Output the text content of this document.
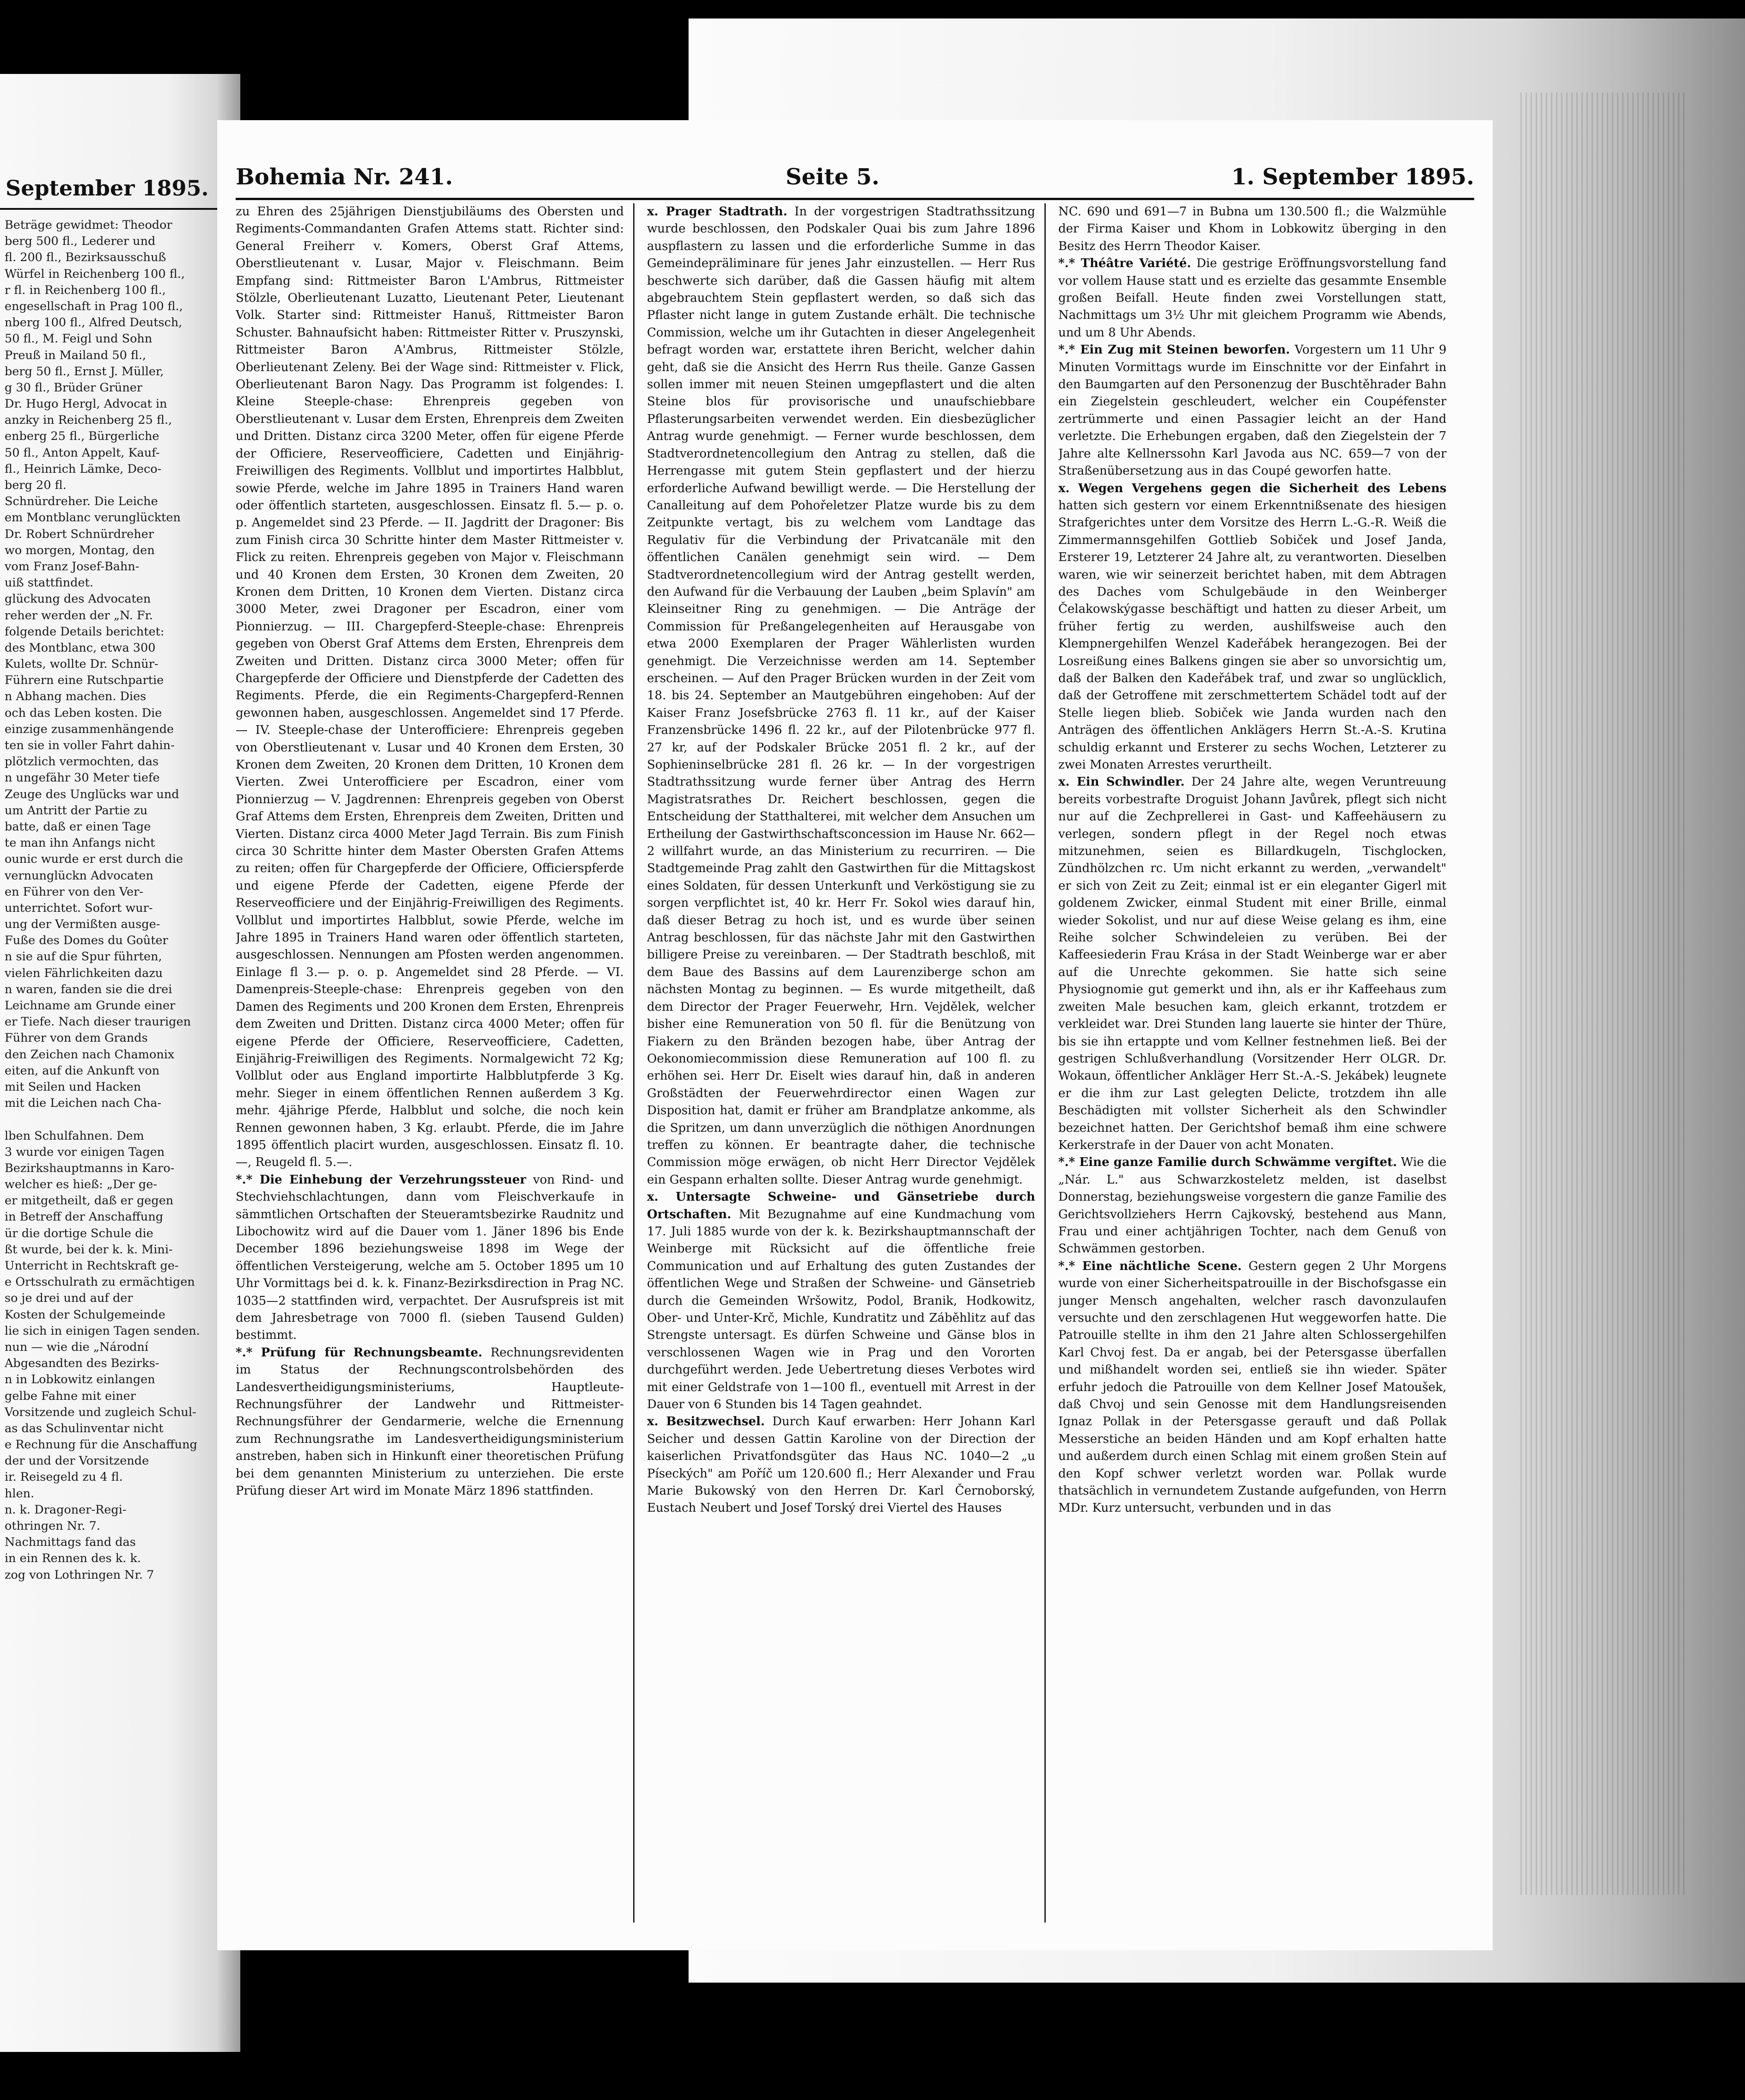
September 1895.
Beträge gewidmet: Theodor
berg 500 fl., Lederer und
fl. 200 fl., Bezirksausschuß
Würfel in Reichenberg 100 fl.,
r fl. in Reichenberg 100 fl.,
engesellschaft in Prag 100 fl.,
nberg 100 fl., Alfred Deutsch,
50 fl., M. Feigl und Sohn
Preuß in Mailand 50 fl.,
berg 50 fl., Ernst J. Müller,
g 30 fl., Brüder Grüner
Dr. Hugo Hergl, Advocat in
anzky in Reichenberg 25 fl.,
enberg 25 fl., Bürgerliche
50 fl., Anton Appelt, Kauf-
fl., Heinrich Lämke, Deco-
berg 20 fl.
Schnürdreher. Die Leiche
em Montblanc verunglückten
Dr. Robert Schnürdreher
wo morgen, Montag, den
vom Franz Josef-Bahn-
uiß stattfindet.
glückung des Advocaten
reher werden der „N. Fr.
folgende Details berichtet:
des Montblanc, etwa 300
Kulets, wollte Dr. Schnür-
Führern eine Rutschpartie
n Abhang machen. Dies
och das Leben kosten. Die
einzige zusammenhängende
ten sie in voller Fahrt dahin-
plötzlich vermochten, das
n ungefähr 30 Meter tiefe
Zeuge des Unglücks war und
um Antritt der Partie zu
batte, daß er einen Tage
te man ihn Anfangs nicht
ounic wurde er erst durch die
vernunglückn Advocaten
en Führer von den Ver-
unterrichtet. Sofort wur-
ung der Vermißten ausge-
Fuße des Domes du Goûter
n sie auf die Spur führten,
vielen Fährlichkeiten dazu
n waren, fanden sie die drei
Leichname am Grunde einer
er Tiefe. Nach dieser traurigen
Führer von dem Grands
den Zeichen nach Chamonix
eiten, auf die Ankunft von
mit Seilen und Hacken
mit die Leichen nach Cha-
lben Schulfahnen. Dem
3 wurde vor einigen Tagen
Bezirkshauptmanns in Karo-
welcher es hieß: „Der ge-
er mitgetheilt, daß er gegen
in Betreff der Anschaffung
ür die dortige Schule die
ßt wurde, bei der k. k. Mini-
Unterricht in Rechtskraft ge-
e Ortsschulrath zu ermächtigen
so je drei und auf der
Kosten der Schulgemeinde
lie sich in einigen Tagen senden.
nun — wie die „Národní
Abgesandten des Bezirks-
n in Lobkowitz einlangen
gelbe Fahne mit einer
Vorsitzende und zugleich Schul-
as das Schulinventar nicht
e Rechnung für die Anschaffung
der und der Vorsitzende
ir. Reisegeld zu 4 fl.
hlen.
n. k. Dragoner-Regi-
othringen Nr. 7.
Nachmittags fand das
in ein Rennen des k. k.
zog von Lothringen Nr. 7
Bohemia Nr. 241.	Seite 5.	1. September 1895.

zu Ehren des 25jährigen Dienstjubiläums des Obersten und Regiments-Commandanten Grafen Attems statt. Richter sind: General Freiherr v. Komers, Oberst Graf Attems, Oberstlieutenant v. Lusar, Major v. Fleischmann. Beim Empfang sind: Rittmeister Baron L'Ambrus, Rittmeister Stölzle, Oberlieutenant Luzatto, Lieutenant Peter, Lieutenant Volk. Starter sind: Rittmeister Hanuš, Rittmeister Baron Schuster. Bahnaufsicht haben: Rittmeister Ritter v. Pruszynski, Rittmeister Baron A'Ambrus, Rittmeister Stölzle, Oberlieutenant Zeleny. Bei der Wage sind: Rittmeister v. Flick, Oberlieutenant Baron Nagy. Das Programm ist folgendes: I. Kleine Steeple-chase: Ehrenpreis gegeben von Oberstlieutenant v. Lusar dem Ersten, Ehrenpreis dem Zweiten und Dritten. Distanz circa 3200 Meter, offen für eigene Pferde der Officiere, Reserveofficiere, Cadetten und Einjährig-Freiwilligen des Regiments. Vollblut und importirtes Halbblut, sowie Pferde, welche im Jahre 1895 in Trainers Hand waren oder öffentlich starteten, ausgeschlossen. Einsatz fl. 5.— p. o. p. Angemeldet sind 23 Pferde. — II. Jagdritt der Dragoner: Bis zum Finish circa 30 Schritte hinter dem Master Rittmeister v. Flick zu reiten. Ehrenpreis gegeben von Major v. Fleischmann und 40 Kronen dem Ersten, 30 Kronen dem Zweiten, 20 Kronen dem Dritten, 10 Kronen dem Vierten. Distanz circa 3000 Meter, zwei Dragoner per Escadron, einer vom Pionnierzug. — III. Chargepferd-Steeple-chase: Ehrenpreis gegeben von Oberst Graf Attems dem Ersten, Ehrenpreis dem Zweiten und Dritten. Distanz circa 3000 Meter; offen für Chargepferde der Officiere und Dienstpferde der Cadetten des Regiments. Pferde, die ein Regiments-Chargepferd-Rennen gewonnen haben, ausgeschlossen. Angemeldet sind 17 Pferde. — IV. Steeple-chase der Unterofficiere: Ehrenpreis gegeben von Oberstlieutenant v. Lusar und 40 Kronen dem Ersten, 30 Kronen dem Zweiten, 20 Kronen dem Dritten, 10 Kronen dem Vierten. Zwei Unterofficiere per Escadron, einer vom Pionnierzug — V. Jagdrennen: Ehrenpreis gegeben von Oberst Graf Attems dem Ersten, Ehrenpreis dem Zweiten, Dritten und Vierten. Distanz circa 4000 Meter Jagd Terrain. Bis zum Finish circa 30 Schritte hinter dem Master Obersten Grafen Attems zu reiten; offen für Chargepferde der Officiere, Officierspferde und eigene Pferde der Cadetten, eigene Pferde der Reserveofficiere und der Einjährig-Freiwilligen des Regiments. Vollblut und importirtes Halbblut, sowie Pferde, welche im Jahre 1895 in Trainers Hand waren oder öffentlich starteten, ausgeschlossen. Nennungen am Pfosten werden angenommen. Einlage fl 3.— p. o. p. Angemeldet sind 28 Pferde. — VI. Damenpreis-Steeple-chase: Ehrenpreis gegeben von den Damen des Regiments und 200 Kronen dem Ersten, Ehrenpreis dem Zweiten und Dritten. Distanz circa 4000 Meter; offen für eigene Pferde der Officiere, Reserveofficiere, Cadetten, Einjährig-Freiwilligen des Regiments. Normalgewicht 72 Kg; Vollblut oder aus England importirte Halbblutpferde 3 Kg. mehr. Sieger in einem öffentlichen Rennen außerdem 3 Kg. mehr. 4jährige Pferde, Halbblut und solche, die noch kein Rennen gewonnen haben, 3 Kg. erlaubt. Pferde, die im Jahre 1895 öffentlich placirt wurden, ausgeschlossen. Einsatz fl. 10.—, Reugeld fl. 5.—.

*.* Die Einhebung der Verzehrungssteuer von Rind- und Stechviehschlachtungen, dann vom Fleischverkaufe in sämmtlichen Ortschaften der Steueramtsbezirke Raudnitz und Libochowitz wird auf die Dauer vom 1. Jäner 1896 bis Ende December 1896 beziehungsweise 1898 im Wege der öffentlichen Versteigerung, welche am 5. October 1895 um 10 Uhr Vormittags bei d. k. k. Finanz-Bezirksdirection in Prag NC. 1035—2 stattfinden wird, verpachtet. Der Ausrufspreis ist mit dem Jahresbetrage von 7000 fl. (sieben Tausend Gulden) bestimmt.

*.* Prüfung für Rechnungsbeamte. Rechnungsrevidenten im Status der Rechnungscontrolsbehörden des Landesvertheidigungsministeriums, Hauptleute-Rechnungsführer der Landwehr und Rittmeister-Rechnungsführer der Gendarmerie, welche die Ernennung zum Rechnungsrathe im Landesvertheidigungsministerium anstreben, haben sich in Hinkunft einer theoretischen Prüfung bei dem genannten Ministerium zu unterziehen. Die erste Prüfung dieser Art wird im Monate März 1896 stattfinden.

x. Prager Stadtrath. In der vorgestrigen Stadtrathssitzung wurde beschlossen, den Podskaler Quai bis zum Jahre 1896 auspflastern zu lassen und die erforderliche Summe in das Gemeindepräliminare für jenes Jahr einzustellen. — Herr Rus beschwerte sich darüber, daß die Gassen häufig mit altem abgebrauchtem Stein gepflastert werden, so daß sich das Pflaster nicht lange in gutem Zustande erhält. Die technische Commission, welche um ihr Gutachten in dieser Angelegenheit befragt worden war, erstattete ihren Bericht, welcher dahin geht, daß sie die Ansicht des Herrn Rus theile. Ganze Gassen sollen immer mit neuen Steinen umgepflastert und die alten Steine blos für provisorische und unaufschiebbare Pflasterungsarbeiten verwendet werden. Ein diesbezüglicher Antrag wurde genehmigt. — Ferner wurde beschlossen, dem Stadtverordnetencollegium den Antrag zu stellen, daß die Herrengasse mit gutem Stein gepflastert und der hierzu erforderliche Aufwand bewilligt werde. — Die Herstellung der Canalleitung auf dem Pohořeletzer Platze wurde bis zu dem Zeitpunkte vertagt, bis zu welchem vom Landtage das Regulativ für die Verbindung der Privatcanäle mit den öffentlichen Canälen genehmigt sein wird. — Dem Stadtverordnetencollegium wird der Antrag gestellt werden, den Aufwand für die Verbauung der Lauben „beim Splavín" am Kleinseitner Ring zu genehmigen. — Die Anträge der Commission für Preßangelegenheiten auf Herausgabe von etwa 2000 Exemplaren der Prager Wählerlisten wurden genehmigt. Die Verzeichnisse werden am 14. September erscheinen. — Auf den Prager Brücken wurden in der Zeit vom 18. bis 24. September an Mautgebühren eingehoben: Auf der Kaiser Franz Josefsbrücke 2763 fl. 11 kr., auf der Kaiser Franzensbrücke 1496 fl. 22 kr., auf der Pilotenbrücke 977 fl. 27 kr, auf der Podskaler Brücke 2051 fl. 2 kr., auf der Sophieninselbrücke 281 fl. 26 kr. — In der vorgestrigen Stadtrathssitzung wurde ferner über Antrag des Herrn Magistratsrathes Dr. Reichert beschlossen, gegen die Entscheidung der Statthalterei, mit welcher dem Ansuchen um Ertheilung der Gastwirthschaftsconcession im Hause Nr. 662—2 willfahrt wurde, an das Ministerium zu recurriren. — Die Stadtgemeinde Prag zahlt den Gastwirthen für die Mittagskost eines Soldaten, für dessen Unterkunft und Verköstigung sie zu sorgen verpflichtet ist, 40 kr. Herr Fr. Sokol wies darauf hin, daß dieser Betrag zu hoch ist, und es wurde über seinen Antrag beschlossen, für das nächste Jahr mit den Gastwirthen billigere Preise zu vereinbaren. — Der Stadtrath beschloß, mit dem Baue des Bassins auf dem Laurenziberge schon am nächsten Montag zu beginnen. — Es wurde mitgetheilt, daß dem Director der Prager Feuerwehr, Hrn. Vejdělek, welcher bisher eine Remuneration von 50 fl. für die Benützung von Fiakern zu den Bränden bezogen habe, über Antrag der Oekonomiecommission diese Remuneration auf 100 fl. zu erhöhen sei. Herr Dr. Eiselt wies darauf hin, daß in anderen Großstädten der Feuerwehrdirector einen Wagen zur Disposition hat, damit er früher am Brandplatze ankomme, als die Spritzen, um dann unverzüglich die nöthigen Anordnungen treffen zu können. Er beantragte daher, die technische Commission möge erwägen, ob nicht Herr Director Vejdělek ein Gespann erhalten sollte. Dieser Antrag wurde genehmigt.

x. Untersagte Schweine- und Gänsetriebe durch Ortschaften. Mit Bezugnahme auf eine Kundmachung vom 17. Juli 1885 wurde von der k. k. Bezirkshauptmannschaft der Weinberge mit Rücksicht auf die öffentliche freie Communication und auf Erhaltung des guten Zustandes der öffentlichen Wege und Straßen der Schweine- und Gänsetrieb durch die Gemeinden Wršowitz, Podol, Branik, Hodkowitz, Ober- und Unter-Krč, Michle, Kundratitz und Záběhlitz auf das Strengste untersagt. Es dürfen Schweine und Gänse blos in verschlossenen Wagen wie in Prag und den Vororten durchgeführt werden. Jede Uebertretung dieses Verbotes wird mit einer Geldstrafe von 1—100 fl., eventuell mit Arrest in der Dauer von 6 Stunden bis 14 Tagen geahndet.

x. Besitzwechsel. Durch Kauf erwarben: Herr Johann Karl Seicher und dessen Gattin Karoline von der Direction der kaiserlichen Privatfondsgüter das Haus NC. 1040—2 „u Píseckých" am Poříč um 120.600 fl.; Herr Alexander und Frau Marie Bukowský von den Herren Dr. Karl Černoborský, Eustach Neubert und Josef Torský drei Viertel des Hauses

NC. 690 und 691—7 in Bubna um 130.500 fl.; die Walzmühle der Firma Kaiser und Khom in Lobkowitz überging in den Besitz des Herrn Theodor Kaiser.

*.* Théâtre Variété. Die gestrige Eröffnungsvorstellung fand vor vollem Hause statt und es erzielte das gesammte Ensemble großen Beifall. Heute finden zwei Vorstellungen statt, Nachmittags um 3½ Uhr mit gleichem Programm wie Abends, und um 8 Uhr Abends.

*.* Ein Zug mit Steinen beworfen. Vorgestern um 11 Uhr 9 Minuten Vormittags wurde im Einschnitte vor der Einfahrt in den Baumgarten auf den Personenzug der Buschtěhrader Bahn ein Ziegelstein geschleudert, welcher ein Coupéfenster zertrümmerte und einen Passagier leicht an der Hand verletzte. Die Erhebungen ergaben, daß den Ziegelstein der 7 Jahre alte Kellnerssohn Karl Javoda aus NC. 659—7 von der Straßenübersetzung aus in das Coupé geworfen hatte.

x. Wegen Vergehens gegen die Sicherheit des Lebens hatten sich gestern vor einem Erkenntnißsenate des hiesigen Strafgerichtes unter dem Vorsitze des Herrn L.-G.-R. Weiß die Zimmermannsgehilfen Gottlieb Sobiček und Josef Janda, Ersterer 19, Letzterer 24 Jahre alt, zu verantworten. Dieselben waren, wie wir seinerzeit berichtet haben, mit dem Abtragen des Daches vom Schulgebäude in den Weinberger Čelakowskýgasse beschäftigt und hatten zu dieser Arbeit, um früher fertig zu werden, aushilfsweise auch den Klempnergehilfen Wenzel Kadeřábek herangezogen. Bei der Losreißung eines Balkens gingen sie aber so unvorsichtig um, daß der Balken den Kadeřábek traf, und zwar so unglücklich, daß der Getroffene mit zerschmettertem Schädel todt auf der Stelle liegen blieb. Sobiček wie Janda wurden nach den Anträgen des öffentlichen Anklägers Herrn St.-A.-S. Krutina schuldig erkannt und Ersterer zu sechs Wochen, Letzterer zu zwei Monaten Arrestes verurtheilt.

x. Ein Schwindler. Der 24 Jahre alte, wegen Veruntreuung bereits vorbestrafte Droguist Johann Javůrek, pflegt sich nicht nur auf die Zechprellerei in Gast- und Kaffeehäusern zu verlegen, sondern pflegt in der Regel noch etwas mitzunehmen, seien es Billardkugeln, Tischglocken, Zündhölzchen rc. Um nicht erkannt zu werden, „verwandelt" er sich von Zeit zu Zeit; einmal ist er ein eleganter Gigerl mit goldenem Zwicker, einmal Student mit einer Brille, einmal wieder Sokolist, und nur auf diese Weise gelang es ihm, eine Reihe solcher Schwindeleien zu verüben. Bei der Kaffeesiederin Frau Krása in der Stadt Weinberge war er aber auf die Unrechte gekommen. Sie hatte sich seine Physiognomie gut gemerkt und ihn, als er ihr Kaffeehaus zum zweiten Male besuchen kam, gleich erkannt, trotzdem er verkleidet war. Drei Stunden lang lauerte sie hinter der Thüre, bis sie ihn ertappte und vom Kellner festnehmen ließ. Bei der gestrigen Schlußverhandlung (Vorsitzender Herr OLGR. Dr. Wokaun, öffentlicher Ankläger Herr St.-A.-S. Jekábek) leugnete er die ihm zur Last gelegten Delicte, trotzdem ihn alle Beschädigten mit vollster Sicherheit als den Schwindler bezeichnet hatten. Der Gerichtshof bemaß ihm eine schwere Kerkerstrafe in der Dauer von acht Monaten.

*.* Eine ganze Familie durch Schwämme vergiftet. Wie die „Nár. L." aus Schwarzkosteletz melden, ist daselbst Donnerstag, beziehungsweise vorgestern die ganze Familie des Gerichtsvollziehers Herrn Cajkovský, bestehend aus Mann, Frau und einer achtjährigen Tochter, nach dem Genuß von Schwämmen gestorben.

*.* Eine nächtliche Scene. Gestern gegen 2 Uhr Morgens wurde von einer Sicherheitspatrouille in der Bischofsgasse ein junger Mensch angehalten, welcher rasch davonzulaufen versuchte und den zerschlagenen Hut weggeworfen hatte. Die Patrouille stellte in ihm den 21 Jahre alten Schlossergehilfen Karl Chvoj fest. Da er angab, bei der Petersgasse überfallen und mißhandelt worden sei, entließ sie ihn wieder. Später erfuhr jedoch die Patrouille von dem Kellner Josef Matoušek, daß Chvoj und sein Genosse mit dem Handlungsreisenden Ignaz Pollak in der Petersgasse gerauft und daß Pollak Messerstiche an beiden Händen und am Kopf erhalten hatte und außerdem durch einen Schlag mit einem großen Stein auf den Kopf schwer verletzt worden war. Pollak wurde thatsächlich in vernundetem Zustande aufgefunden, von Herrn MDr. Kurz untersucht, verbunden und in das
